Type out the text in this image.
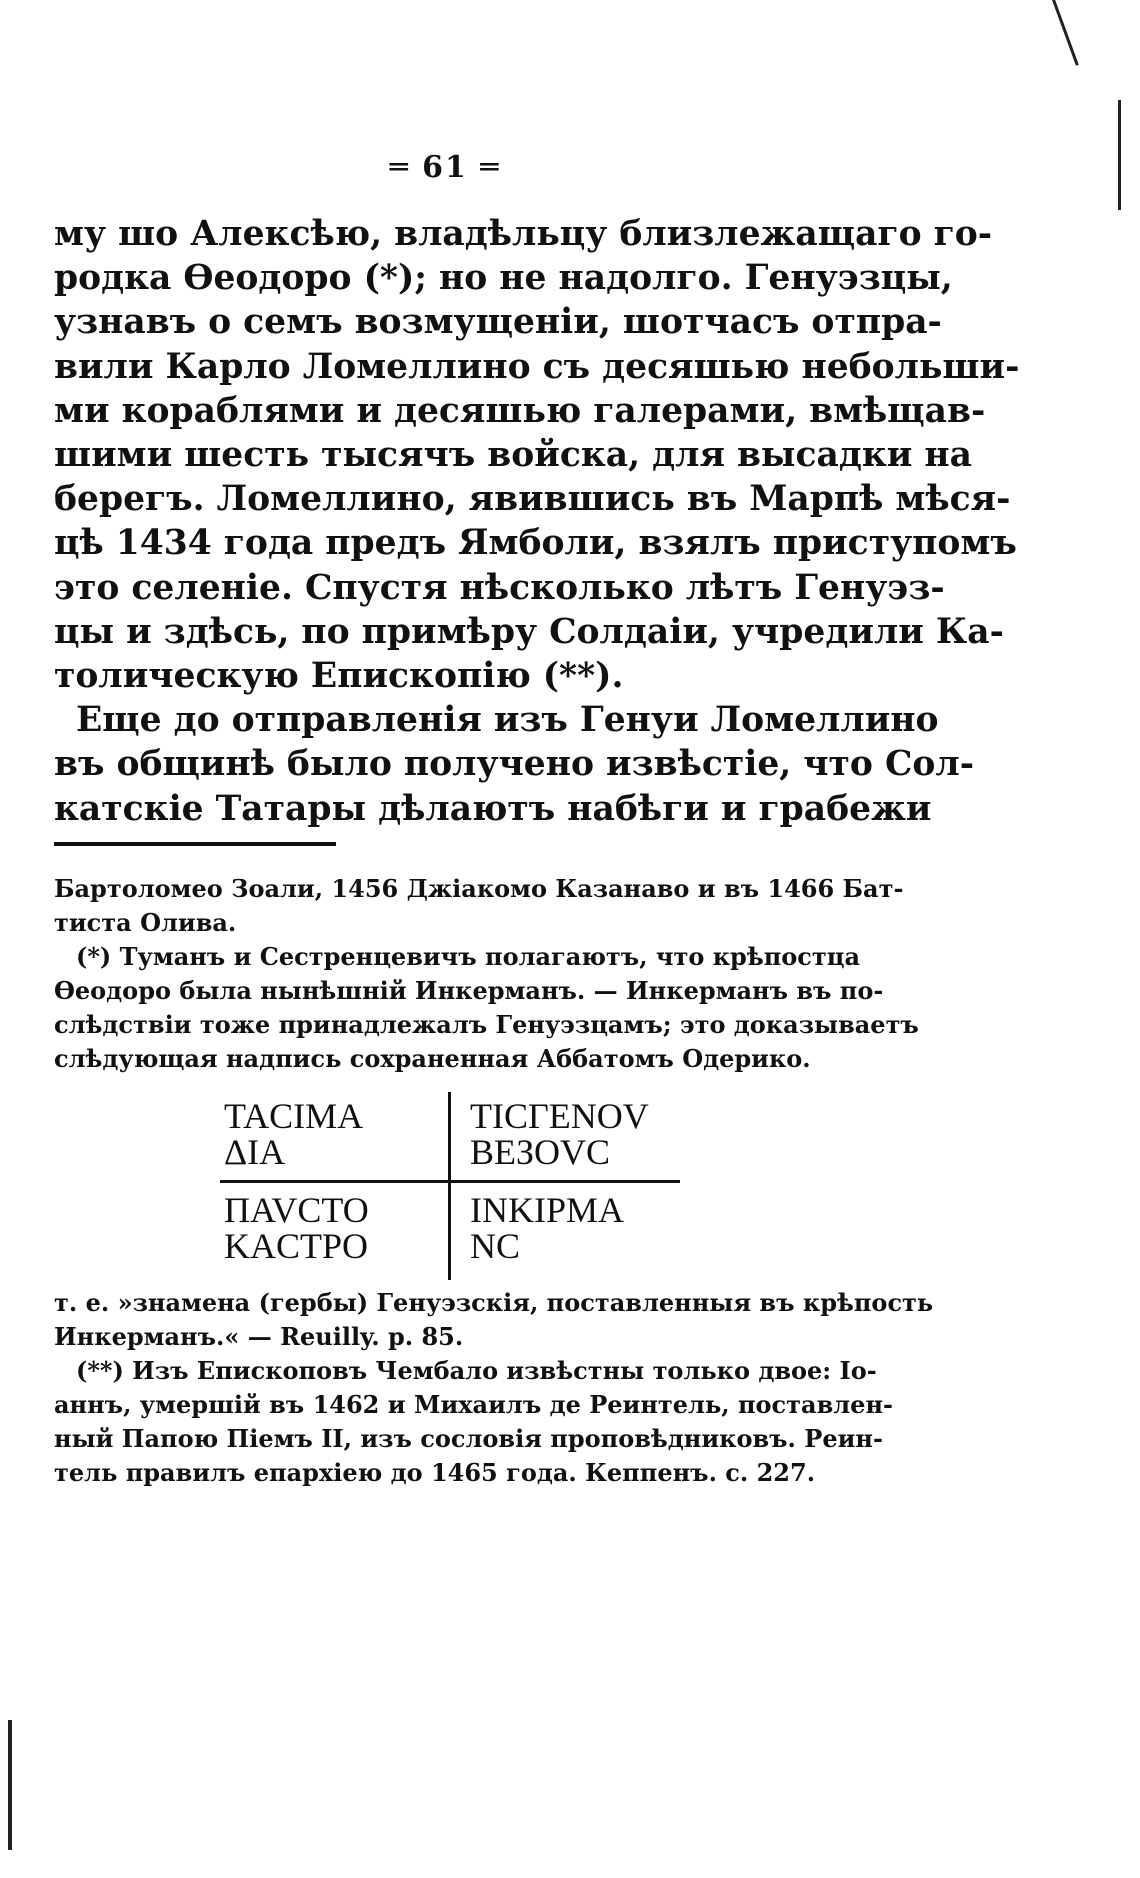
═ 61 ═
му шо Алексѣю, владѣльцу близлежащаго го-
родка Ѳеодоро (*); но не надолго. Генуэзцы,
узнавъ о семъ возмущеніи, шотчасъ отпра-
вили Карло Ломеллино съ десяшью небольши-
ми кораблями и десяшью галерами, вмѣщав-
шими шесть тысячъ войска, для высадки на
берегъ. Ломеллино, явившись въ Марпѣ мѣся-
цѣ 1434 года предъ Ямболи, взялъ приступомъ
это селеніе. Спустя нѣсколько лѣтъ Генуэз-
цы и здѣсь, по примѣру Солдаіи, учредили Ка-
толическую Епископію (**).
Еще до отправленія изъ Генуи Ломеллино
въ общинѣ было получено извѣстіе, что Сол-
катскіе Татары дѣлаютъ набѣги и грабежи
Бартоломео Зоали, 1456 Джіакомо Казанаво и въ 1466 Бат-
тиста Олива.
(*) Туманъ и Сестренцевичъ полагаютъ, что крѣпостца
Ѳеодоро была нынѣшній Инкерманъ. — Инкерманъ въ по-
слѣдствіи тоже принадлежалъ Генуэзцамъ; это доказываетъ
слѣдующая надпись сохраненная Аббатомъ Одерико.
TACIMA
ΔIA
TICΓENOV
BEЗOVC
ΠAVCTO
KACTPO
INKIPMA
NC
т. е. »знамена (гербы) Генуэзскія, поставленныя въ крѣпость
Инкерманъ.« — Reuilly. p. 85.
(**) Изъ Епископовъ Чембало извѣстны только двое: Іо-
аннъ, умершій въ 1462 и Михаилъ де Реинтель, поставлен-
ный Папою Піемъ II, изъ сословія проповѣдниковъ. Реин-
тель правилъ епархіею до 1465 года. Кеппенъ. с. 227.
